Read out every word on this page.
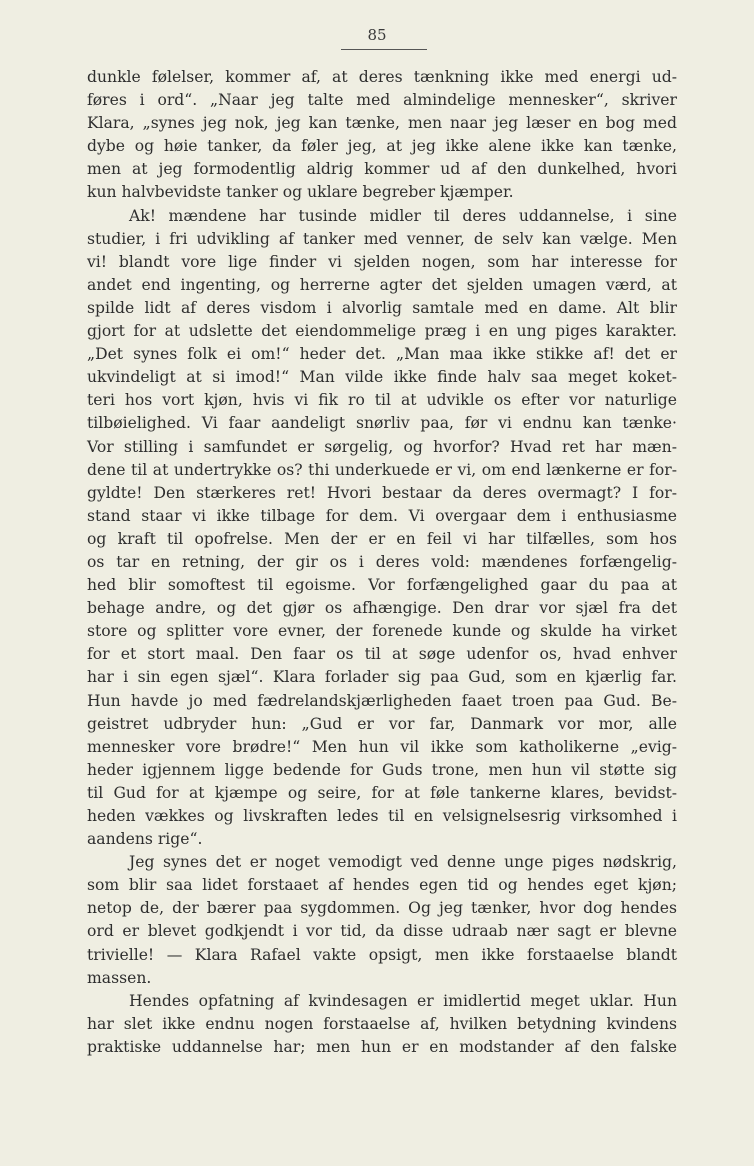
85
dunkle følelser, kommer af, at deres tænkning ikke med energi ud-
føres i ord“. „Naar jeg talte med almindelige mennesker“, skriver
Klara, „synes jeg nok, jeg kan tænke, men naar jeg læser en bog med
dybe og høie tanker, da føler jeg, at jeg ikke alene ikke kan tænke,
men at jeg formodentlig aldrig kommer ud af den dunkelhed, hvori
kun halvbevidste tanker og uklare begreber kjæmper.
Ak! mændene har tusinde midler til deres uddannelse, i sine
studier, i fri udvikling af tanker med venner, de selv kan vælge. Men
vi! blandt vore lige finder vi sjelden nogen, som har interesse for
andet end ingenting, og herrerne agter det sjelden umagen værd, at
spilde lidt af deres visdom i alvorlig samtale med en dame. Alt blir
gjort for at udslette det eiendommelige præg i en ung piges karakter.
„Det synes folk ei om!“ heder det. „Man maa ikke stikke af! det er
ukvindeligt at si imod!“ Man vilde ikke finde halv saa meget koket-
teri hos vort kjøn, hvis vi fik ro til at udvikle os efter vor naturlige
tilbøielighed. Vi faar aandeligt snørliv paa, før vi endnu kan tænke·
Vor stilling i samfundet er sørgelig, og hvorfor? Hvad ret har mæn-
dene til at undertrykke os? thi underkuede er vi, om end lænkerne er for-
gyldte! Den stærkeres ret! Hvori bestaar da deres overmagt? I for-
stand staar vi ikke tilbage for dem. Vi overgaar dem i enthusiasme
og kraft til opofrelse. Men der er en feil vi har tilfælles, som hos
os tar en retning, der gir os i deres vold: mændenes forfængelig-
hed blir somoftest til egoisme. Vor forfængelighed gaar du paa at
behage andre, og det gjør os afhængige. Den drar vor sjæl fra det
store og splitter vore evner, der forenede kunde og skulde ha virket
for et stort maal. Den faar os til at søge udenfor os, hvad enhver
har i sin egen sjæl“. Klara forlader sig paa Gud, som en kjærlig far.
Hun havde jo med fædrelandskjærligheden faaet troen paa Gud. Be-
geistret udbryder hun: „Gud er vor far, Danmark vor mor, alle
mennesker vore brødre!“ Men hun vil ikke som katholikerne „evig-
heder igjennem ligge bedende for Guds trone, men hun vil støtte sig
til Gud for at kjæmpe og seire, for at føle tankerne klares, bevidst-
heden vækkes og livskraften ledes til en velsignelsesrig virksomhed i
aandens rige“.
Jeg synes det er noget vemodigt ved denne unge piges nødskrig,
som blir saa lidet forstaaet af hendes egen tid og hendes eget kjøn;
netop de, der bærer paa sygdommen. Og jeg tænker, hvor dog hendes
ord er blevet godkjendt i vor tid, da disse udraab nær sagt er blevne
trivielle! — Klara Rafael vakte opsigt, men ikke forstaaelse blandt
massen.
Hendes opfatning af kvindesagen er imidlertid meget uklar. Hun
har slet ikke endnu nogen forstaaelse af, hvilken betydning kvindens
praktiske uddannelse har; men hun er en modstander af den falske
